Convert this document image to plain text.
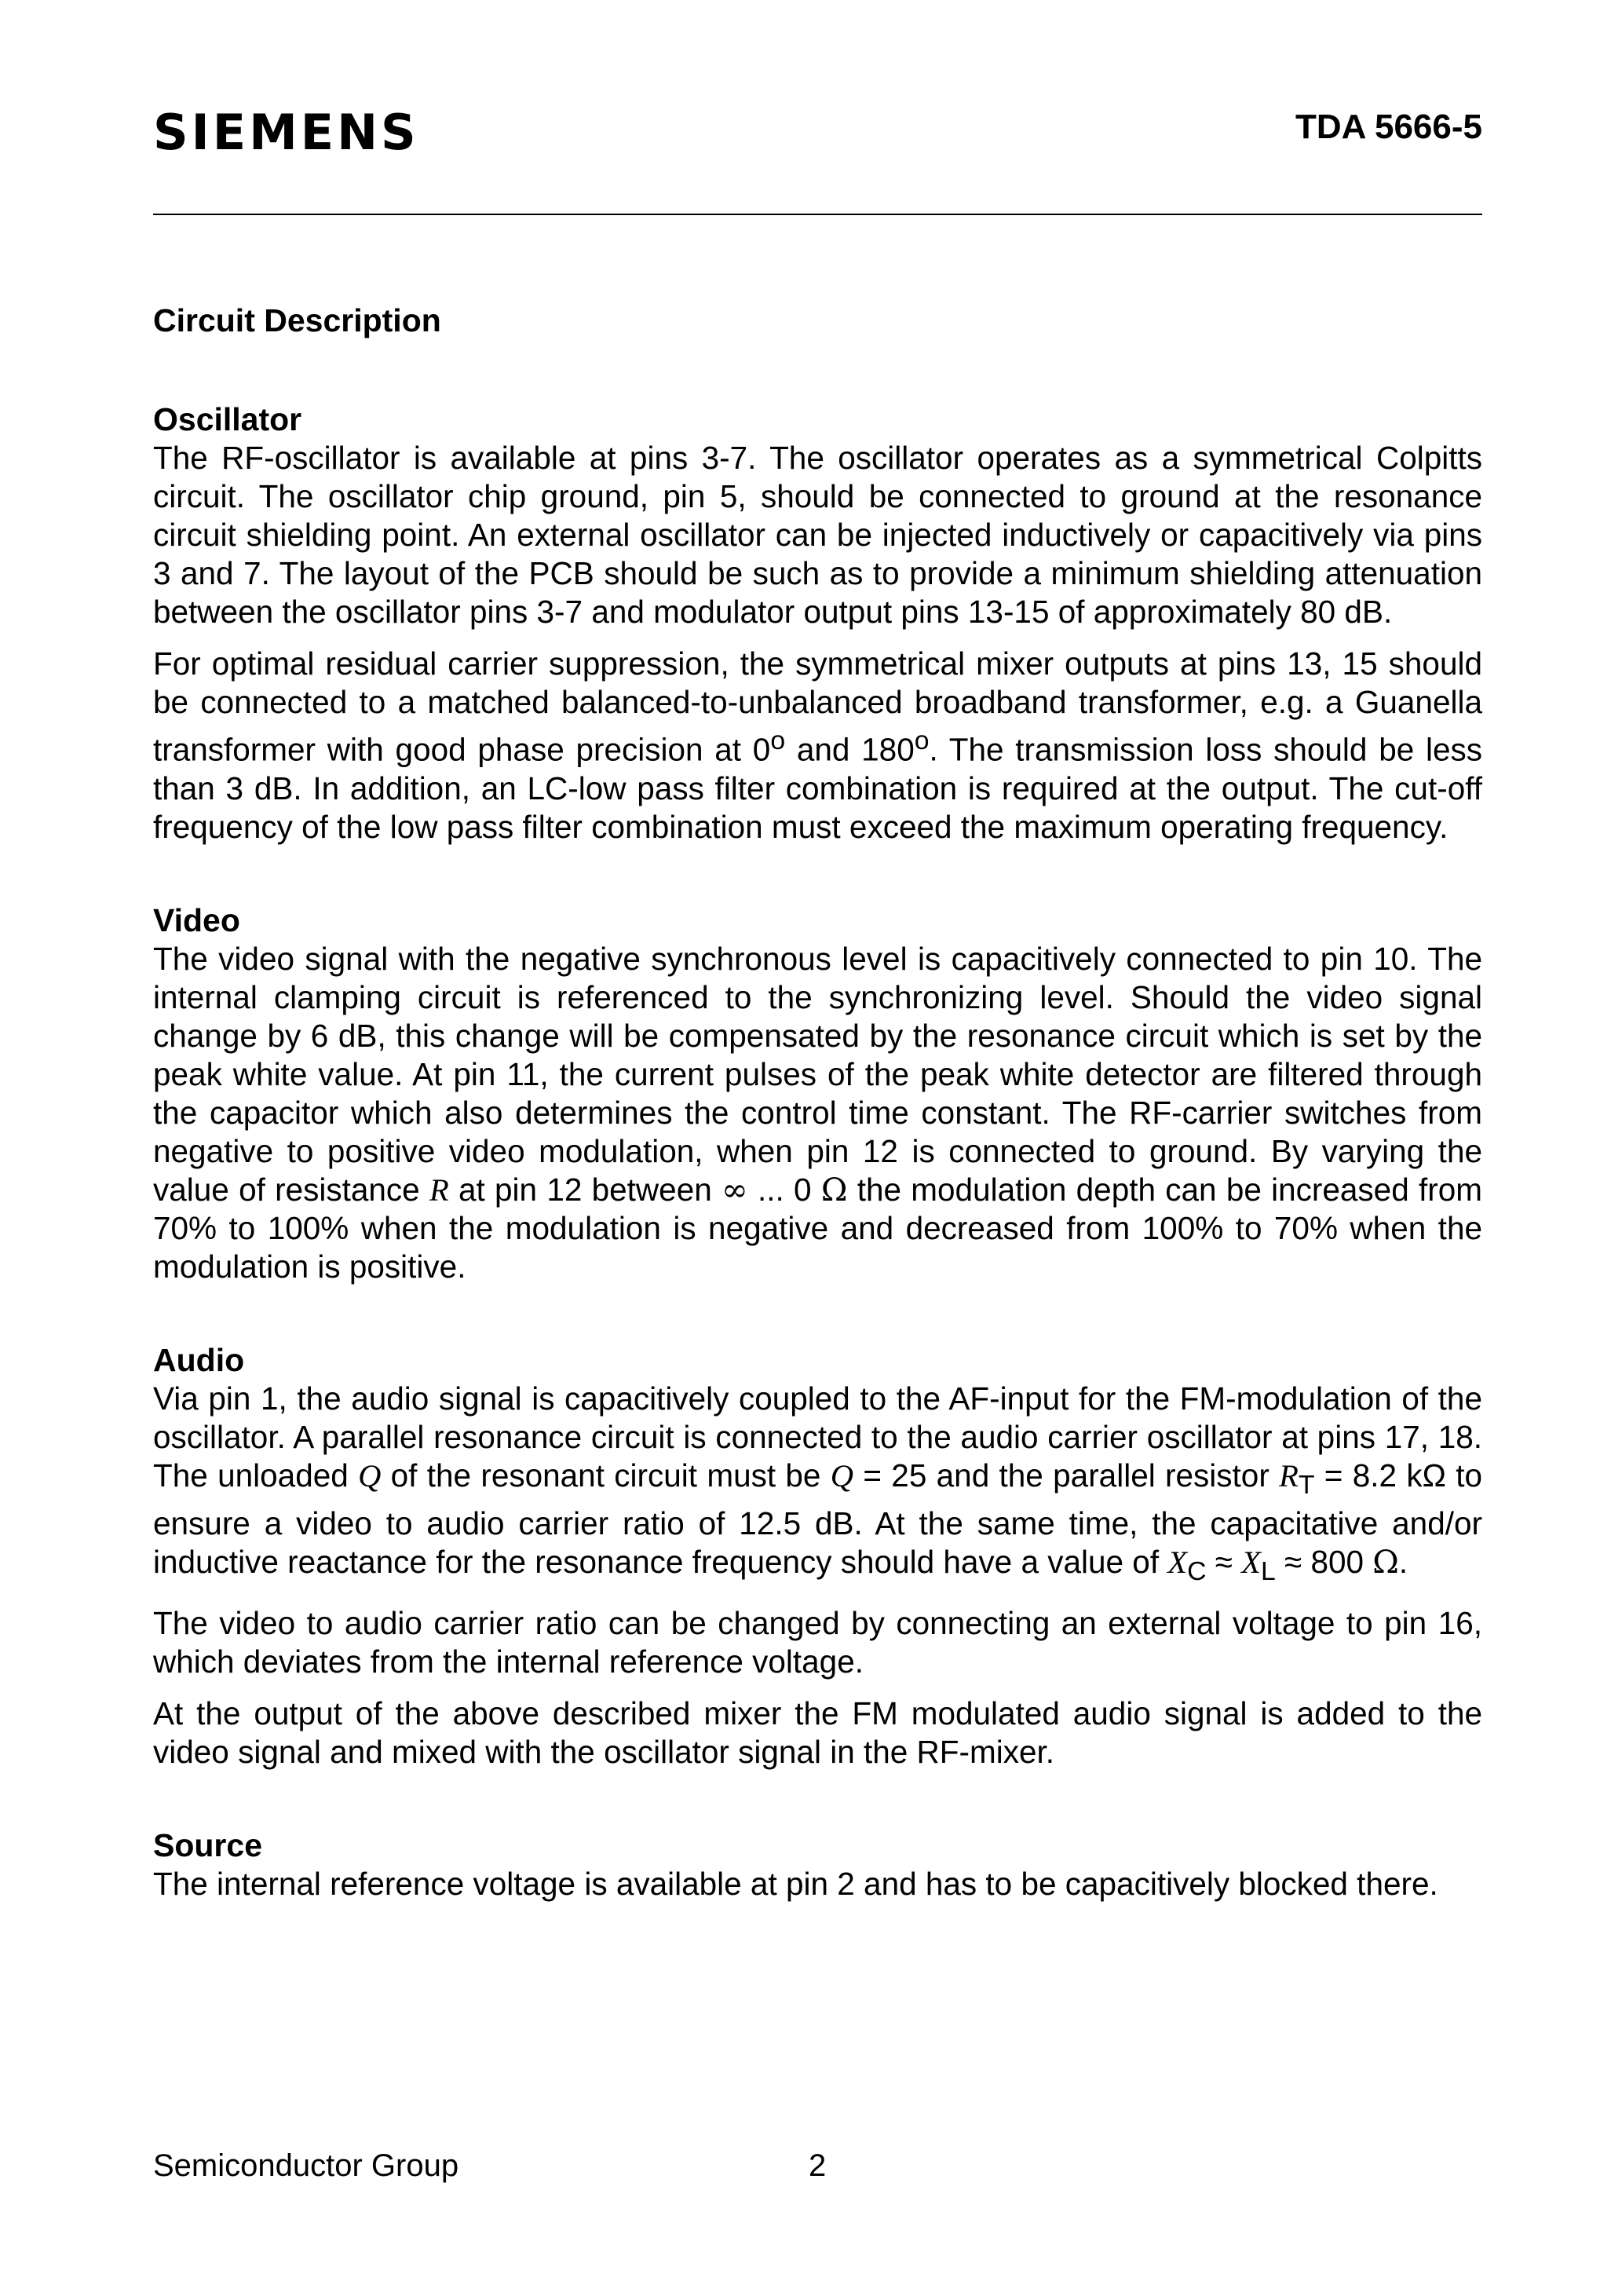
SIEMENS	TDA 5666-5
Circuit Description
Oscillator

The RF-oscillator is available at pins 3-7. The oscillator operates as a symmetrical Colpitts circuit. The oscillator chip ground, pin 5, should be connected to ground at the resonance circuit shielding point. An external oscillator can be injected inductively or capacitively via pins 3 and 7. The layout of the PCB should be such as to provide a minimum shielding attenuation between the oscillator pins 3-7 and modulator output pins 13-15 of approximately 80 dB.

For optimal residual carrier suppression, the symmetrical mixer outputs at pins 13, 15 should be connected to a matched balanced-to-unbalanced broadband transformer, e.g. a Guanella transformer with good phase precision at 0$^o$ and 180$^o$. The transmission loss should be less than 3 dB. In addition, an LC-low pass filter combination is required at the output. The cut-off frequency of the low pass filter combination must exceed the maximum operating frequency.

Video

The video signal with the negative synchronous level is capacitively connected to pin 10. The internal clamping circuit is referenced to the synchronizing level. Should the video signal change by 6 dB, this change will be compensated by the resonance circuit which is set by the peak white value. At pin 11, the current pulses of the peak white detector are filtered through the capacitor which also determines the control time constant. The RF-carrier switches from negative to positive video modulation, when pin 12 is connected to ground. By varying the value of resistance R at pin 12 between ∞ ... 0 Ω the modulation depth can be increased from 70% to 100% when the modulation is negative and decreased from 100% to 70% when the modulation is positive.

Audio

Via pin 1, the audio signal is capacitively coupled to the AF-input for the FM-modulation of the oscillator. A parallel resonance circuit is connected to the audio carrier oscillator at pins 17, 18. The unloaded Q of the resonant circuit must be Q = 25 and the parallel resistor $R_T = 8.2$ kΩ to ensure a video to audio carrier ratio of 12.5 dB. At the same time, the capacitative and/or inductive reactance for the resonance frequency should have a value of $X_C \approx X_L \approx 800$ Ω.

The video to audio carrier ratio can be changed by connecting an external voltage to pin 16, which deviates from the internal reference voltage.

At the output of the above described mixer the FM modulated audio signal is added to the video signal and mixed with the oscillator signal in the RF-mixer.

Source

The internal reference voltage is available at pin 2 and has to be capacitively blocked there.

Semiconductor Group	2
